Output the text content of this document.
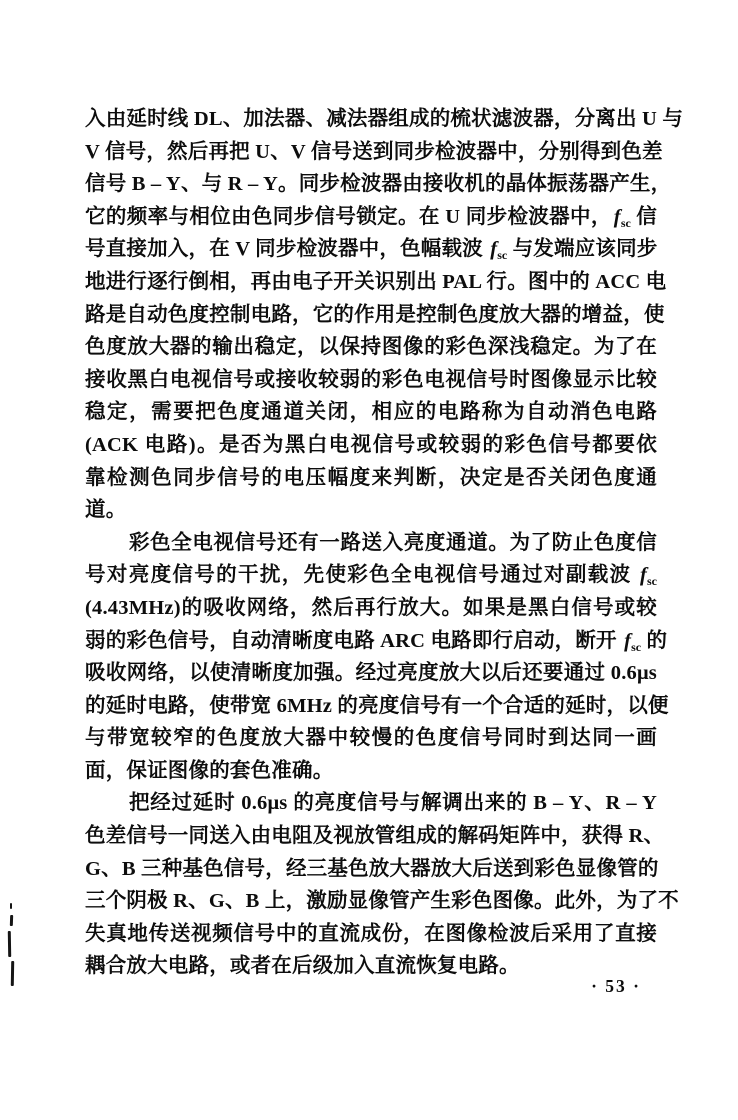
入由延时线 DL、加法器、减法器组成的梳状滤波器，分离出 U 与
V 信号，然后再把 U、V 信号送到同步检波器中，分别得到色差
信号 B – Y、与 R – Y。同步检波器由接收机的晶体振荡器产生，
它的频率与相位由色同步信号锁定。在 U 同步检波器中，$f_{sc}$ 信
号直接加入，在 V 同步检波器中，色幅载波 $f_{sc}$ 与发端应该同步
地进行逐行倒相，再由电子开关识别出 PAL 行。图中的 ACC 电
路是自动色度控制电路，它的作用是控制色度放大器的增益，使
色度放大器的输出稳定，以保持图像的彩色深浅稳定。为了在
接收黑白电视信号或接收较弱的彩色电视信号时图像显示比较
稳定，需要把色度通道关闭，相应的电路称为自动消色电路
(ACK 电路)。是否为黑白电视信号或较弱的彩色信号都要依
靠检测色同步信号的电压幅度来判断，决定是否关闭色度通
道。
彩色全电视信号还有一路送入亮度通道。为了防止色度信
号对亮度信号的干扰，先使彩色全电视信号通过对副载波 $f_{sc}$
(4.43MHz)的吸收网络，然后再行放大。如果是黑白信号或较
弱的彩色信号，自动清晰度电路 ARC 电路即行启动，断开 $f_{sc}$ 的
吸收网络，以使清晰度加强。经过亮度放大以后还要通过 0.6μs
的延时电路，使带宽 6MHz 的亮度信号有一个合适的延时，以便
与带宽较窄的色度放大器中较慢的色度信号同时到达同一画
面，保证图像的套色准确。
把经过延时 0.6μs 的亮度信号与解调出来的 B – Y、R – Y
色差信号一同送入由电阻及视放管组成的解码矩阵中，获得 R、
G、B 三种基色信号，经三基色放大器放大后送到彩色显像管的
三个阴极 R、G、B 上，激励显像管产生彩色图像。此外，为了不
失真地传送视频信号中的直流成份，在图像检波后采用了直接
耦合放大电路，或者在后级加入直流恢复电路。
· 53 ·
